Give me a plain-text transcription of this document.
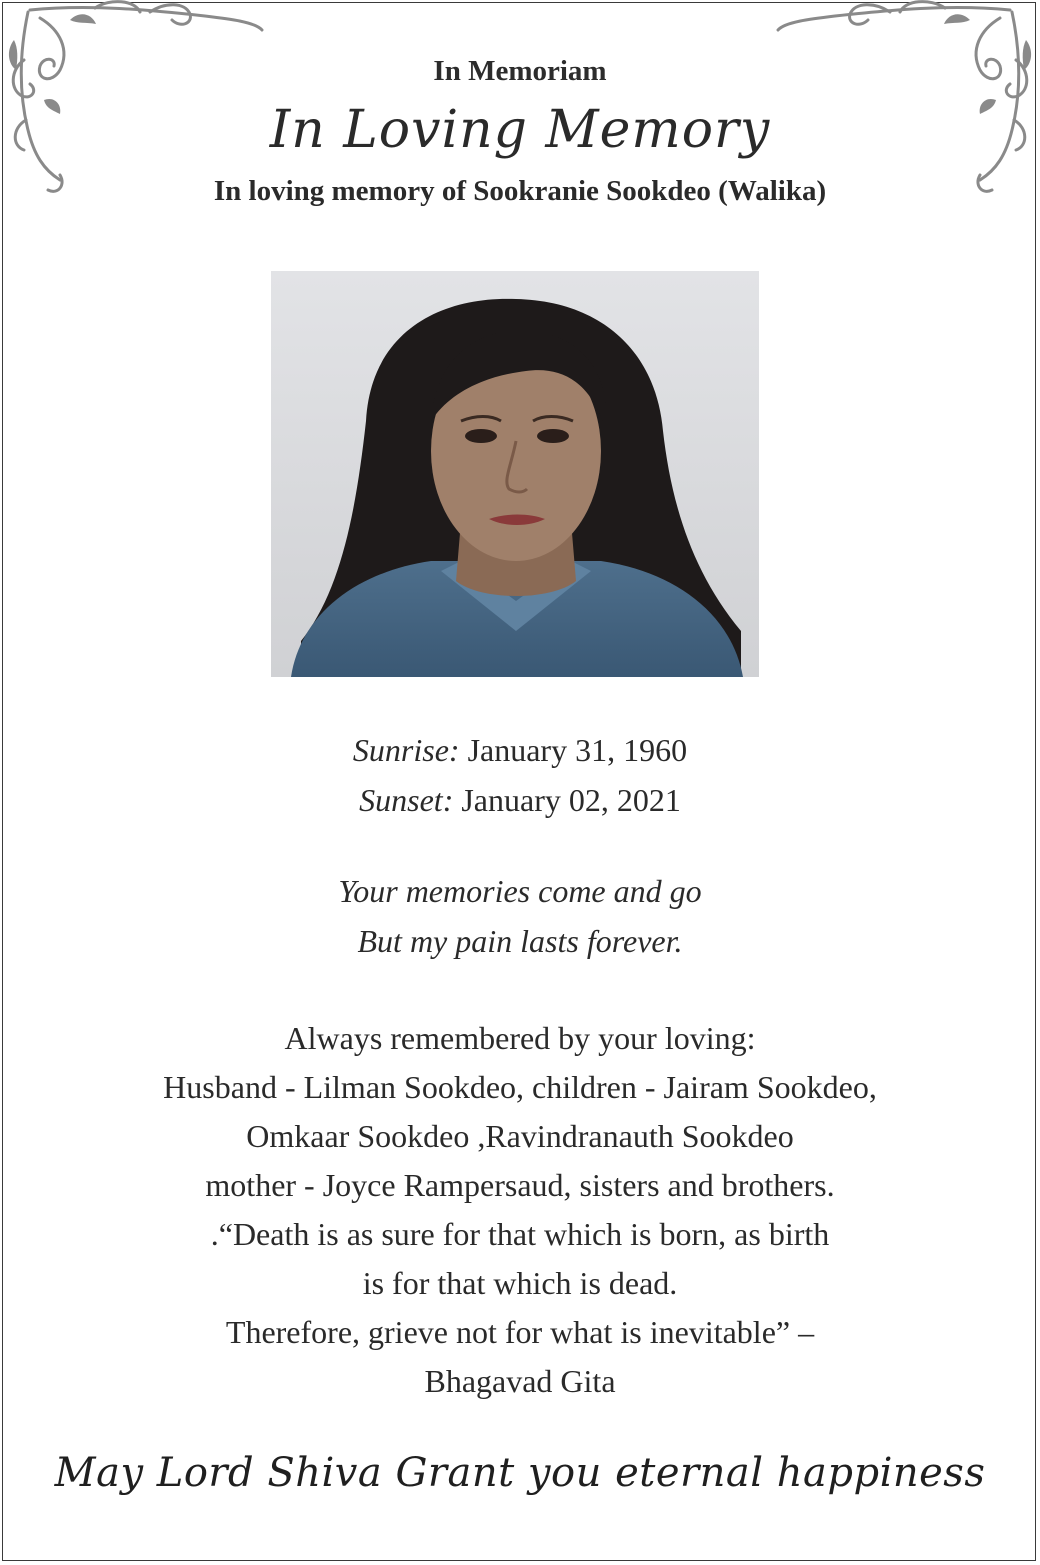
In Memoriam
In Loving Memory
In loving memory of Sookranie Sookdeo (Walika)
Sunrise: January 31, 1960
Sunset: January 02, 2021
Your memories come and go
But my pain lasts forever.
Always remembered by your loving:
Husband - Lilman Sookdeo, children - Jairam Sookdeo,
Omkaar Sookdeo ,Ravindranauth Sookdeo
mother - Joyce Rampersaud, sisters and brothers.
.“Death is as sure for that which is born, as birth
is for that which is dead.
Therefore, grieve not for what is inevitable” –
Bhagavad Gita
May Lord Shiva Grant you eternal happiness
